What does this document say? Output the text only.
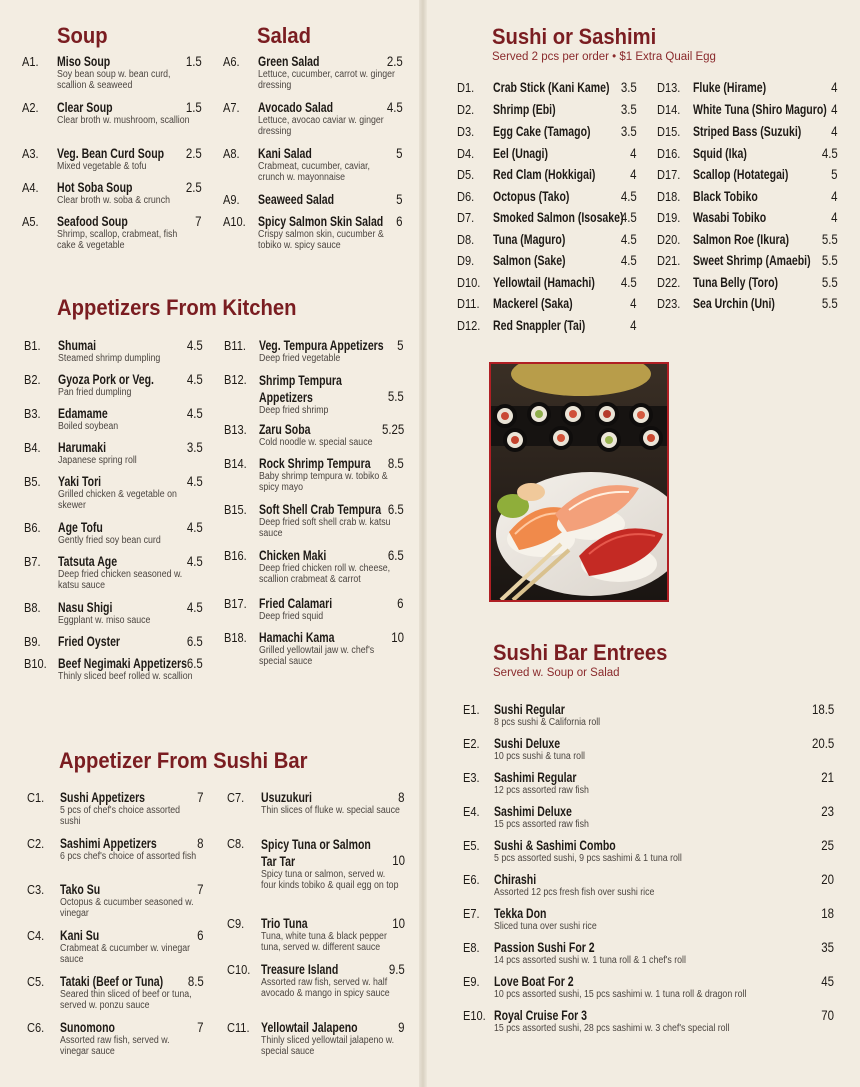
Soup	Salad
Appetizers From Kitchen
Appetizer From Sushi Bar
Sushi or Sashimi
Served 2 pcs per order • $1 Extra Quail Egg
Sushi Bar Entrees
Served w. Soup or Salad
A1. Miso Soup	1.5
Soy bean soup w. bean curd, scallion & seaweed
A2. Clear Soup	1.5
Clear broth w. mushroom, scallion
A3. Veg. Bean Curd Soup 2.5
Mixed vegetable & tofu
A4. Hot Soba Soup	2.5
Clear broth w. soba & crunch
A5. Seafood Soup	7
Shrimp, scallop, crabmeat, fish cake & vegetable
A6. Green Salad	2.5
Lettuce, cucumber, carrot w. ginger dressing
A7. Avocado Salad	4.5
Lettuce, avocao caviar w. ginger dressing
A8. Kani Salad	5
Crabmeat, cucumber, caviar, crunch w. mayonnaise
A9. Seaweed Salad	5
A10. Spicy Salmon Skin Salad 6
Crispy salmon skin, cucumber & tobiko w. spicy sauce
B1. Shumai	4.5
Steamed shrimp dumpling
B2. Gyoza Pork or Veg. 4.5
Pan fried dumpling
B3. Edamame	4.5
Boiled soybean
B4. Harumaki	3.5
Japanese spring roll
B5. Yaki Tori	4.5
Grilled chicken & vegetable on skewer
B6. Age Tofu	4.5
Gently fried soy bean curd
B7. Tatsuta Age	4.5
Deep fried chicken seasoned w. katsu sauce
B8. Nasu Shigi	4.5
Eggplant w. miso sauce
B9. Fried Oyster	6.5
B10. Beef Negimaki Appetizers 6.5
Thinly sliced beef rolled w. scallion
B11. Veg. Tempura Appetizers 5
Deep fried vegetable
B12. Shrimp Tempura Appetizers	5.5
Deep fried shrimp
B13. Zaru Soba	5.25
Cold noodle w. special sauce
B14. Rock Shrimp Tempura 8.5
Baby shrimp tempura w. tobiko & spicy mayo
B15. Soft Shell Crab Tempura 6.5
Deep fried soft shell crab w. katsu sauce
B16. Chicken Maki	6.5
Deep fried chicken roll w. cheese, scallion crabmeat & carrot
B17. Fried Calamari	6
Deep fried squid
B18. Hamachi Kama	10
Grilled yellowtail jaw w. chef's special sauce
C1. Sushi Appetizers	7
5 pcs of chef's choice assorted sushi
C2. Sashimi Appetizers	8
6 pcs chef's choice of assorted fish
C3. Tako Su	7
Octopus & cucumber seasoned w. vinegar
C4. Kani Su	6
Crabmeat & cucumber w. vinegar sauce
C5. Tataki (Beef or Tuna) 8.5
Seared thin sliced of beef or tuna, served w. ponzu sauce
C6. Sunomono	7
Assorted raw fish, served w. vinegar sauce
C7. Usuzukuri	8
Thin slices of fluke w. special sauce
C8. Spicy Tuna or Salmon Tar Tar	10
Spicy tuna or salmon, served w. four kinds tobiko & quail egg on top
C9. Trio Tuna	10
Tuna, white tuna & black pepper tuna, served w. different sauce
C10. Treasure Island	9.5
Assorted raw fish, served w. half avocado & mango in spicy sauce
C11. Yellowtail Jalapeno	9
Thinly sliced yellowtail jalapeno w. special sauce
D1. Crab Stick (Kani Kame) 3.5
D2. Shrimp (Ebi)	3.5
D3. Egg Cake (Tamago) 3.5
D4. Eel (Unagi)	4
D5. Red Clam (Hokkigai)	4
D6. Octopus (Tako)	4.5
D7. Smoked Salmon (Isosake)
4.5
D8. Tuna (Maguro)	4.5
D9. Salmon (Sake)	4.5
D10. Yellowtail (Hamachi) 4.5
D11. Mackerel (Saka)	4
D12. Red Snappler (Tai)	4
D13. Fluke (Hirame)	4
D14. White Tuna (Shiro Maguro) 4
D15. Striped Bass (Suzuki) 4
D16. Squid (Ika)	4.5
D17. Scallop (Hotategai)	5
D18. Black Tobiko	4
D19. Wasabi Tobiko	4
D20. Salmon Roe (Ikura) 5.5
D21. Sweet Shrimp (Amaebi) 5.5
D22. Tuna Belly (Toro)	5.5
D23. Sea Urchin (Uni)	5.5
E1. Sushi Regular	18.5
8 pcs sushi & California roll
E2. Sushi Deluxe	20.5
10 pcs sushi & tuna roll
E3. Sashimi Regular	21
12 pcs assorted raw fish
E4. Sashimi Deluxe	23
15 pcs assorted raw fish
E5. Sushi & Sashimi Combo	25
5 pcs assorted sushi, 9 pcs sashimi & 1 tuna roll
E6. Chirashi	20
Assorted 12 pcs fresh fish over sushi rice
E7. Tekka Don	18
Sliced tuna over sushi rice
E8. Passion Sushi For 2	35
14 pcs assorted sushi w. 1 tuna roll & 1 chef's roll
E9. Love Boat For 2	45
10 pcs assorted sushi, 15 pcs sashimi w. 1 tuna roll & dragon roll
E10. Royal Cruise For 3	70
15 pcs assorted sushi, 28 pcs sashimi w. 3 chef's special roll
